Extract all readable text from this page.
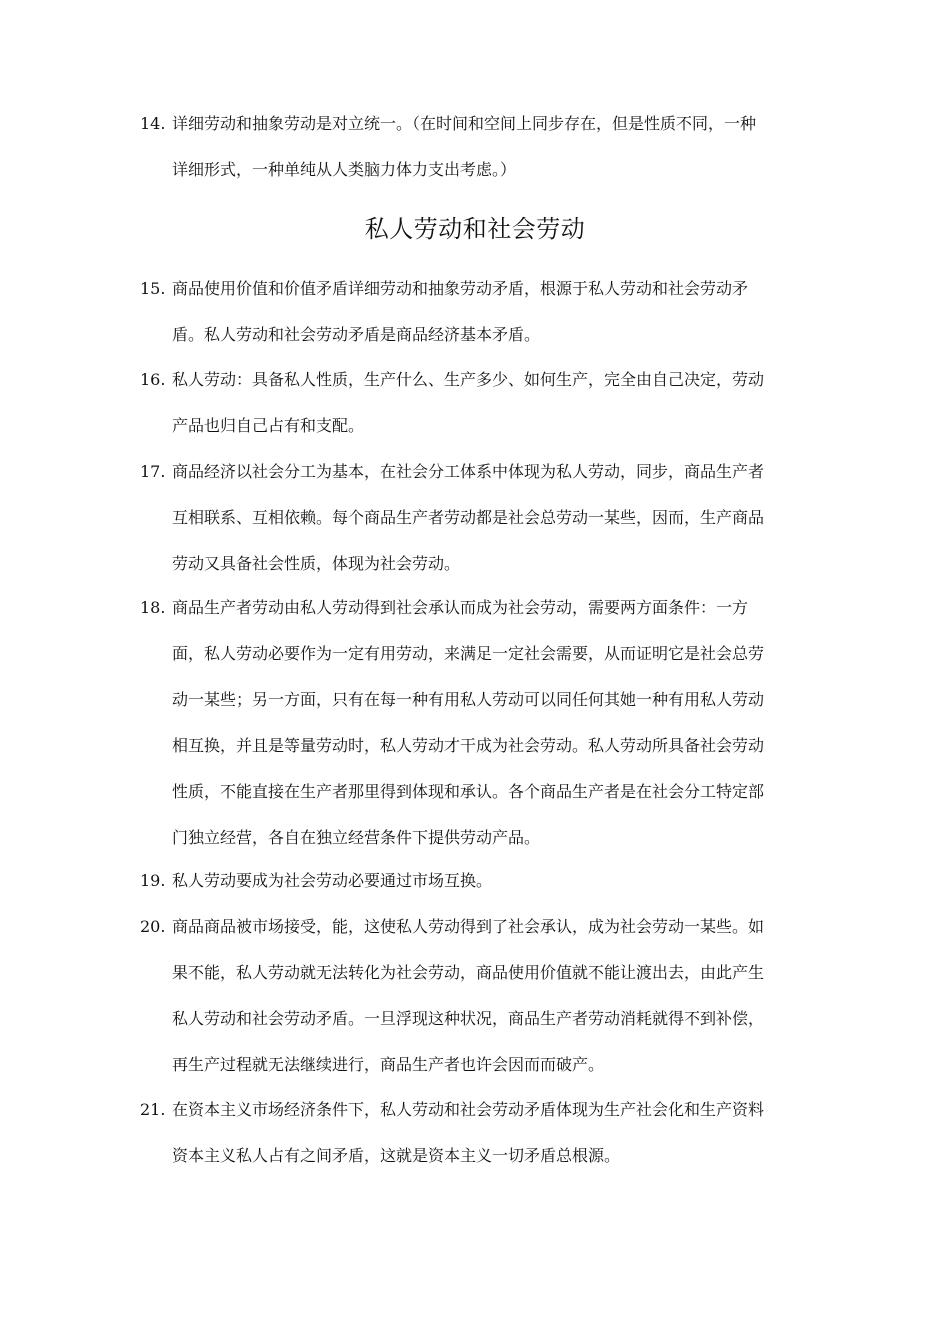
14. 详细劳动和抽象劳动是对立统一。（在时间和空间上同步存在，但是性质不同，一种
详细形式，一种单纯从人类脑力体力支出考虑。）
私人劳动和社会劳动
15. 商品使用价值和价值矛盾详细劳动和抽象劳动矛盾，根源于私人劳动和社会劳动矛
盾。私人劳动和社会劳动矛盾是商品经济基本矛盾。
16. 私人劳动：具备私人性质，生产什么、生产多少、如何生产，完全由自己决定，劳动
产品也归自己占有和支配。
17. 商品经济以社会分工为基本，在社会分工体系中体现为私人劳动，同步，商品生产者
互相联系、互相依赖。每个商品生产者劳动都是社会总劳动一某些，因而，生产商品
劳动又具备社会性质，体现为社会劳动。
18. 商品生产者劳动由私人劳动得到社会承认而成为社会劳动，需要两方面条件：一方
面，私人劳动必要作为一定有用劳动，来满足一定社会需要，从而证明它是社会总劳
动一某些；另一方面，只有在每一种有用私人劳动可以同任何其她一种有用私人劳动
相互换，并且是等量劳动时，私人劳动才干成为社会劳动。私人劳动所具备社会劳动
性质，不能直接在生产者那里得到体现和承认。各个商品生产者是在社会分工特定部
门独立经营，各自在独立经营条件下提供劳动产品。
19. 私人劳动要成为社会劳动必要通过市场互换。
20. 商品商品被市场接受，能，这使私人劳动得到了社会承认，成为社会劳动一某些。如
果不能，私人劳动就无法转化为社会劳动，商品使用价值就不能让渡出去，由此产生
私人劳动和社会劳动矛盾。一旦浮现这种状况，商品生产者劳动消耗就得不到补偿，
再生产过程就无法继续进行，商品生产者也许会因而而破产。
21. 在资本主义市场经济条件下，私人劳动和社会劳动矛盾体现为生产社会化和生产资料
资本主义私人占有之间矛盾，这就是资本主义一切矛盾总根源。
